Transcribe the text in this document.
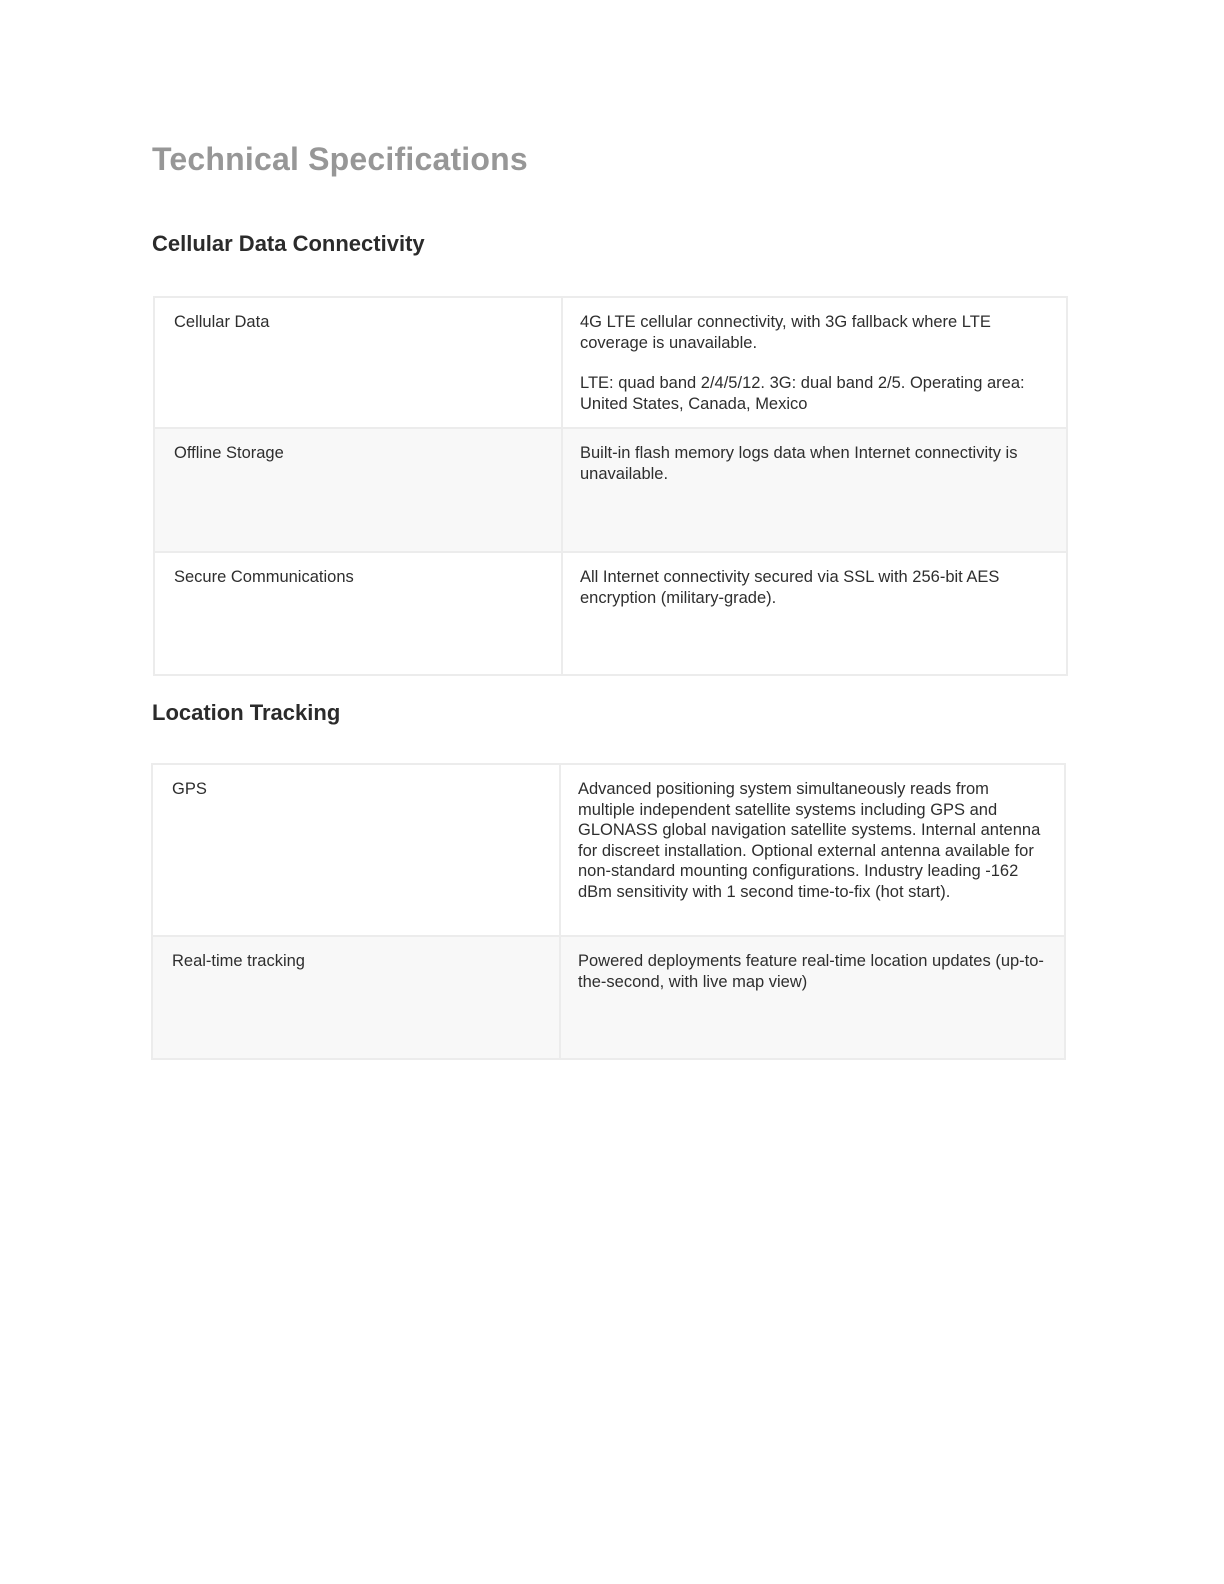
Technical Specifications
Cellular Data Connectivity
Cellular Data	4G LTE cellular connectivity, with 3G fallback where LTE coverage is unavailable.

LTE: quad band 2/4/5/12. 3G: dual band 2/5. Operating area: United States, Canada, Mexico

Offline Storage	Built-in flash memory logs data when Internet connectivity is unavailable.

Secure Communications	All Internet connectivity secured via SSL with 256-bit AES encryption (military-grade).

Location Tracking
GPS	Advanced positioning system simultaneously reads from multiple independent satellite systems including GPS and GLONASS global navigation satellite systems. Internal antenna for discreet installation. Optional external antenna available for non-standard mounting configurations. Industry leading -162 dBm sensitivity with 1 second time-to-fix (hot start).

Real-time tracking	Powered deployments feature real-time location updates (up-to-the-second, with live map view)
